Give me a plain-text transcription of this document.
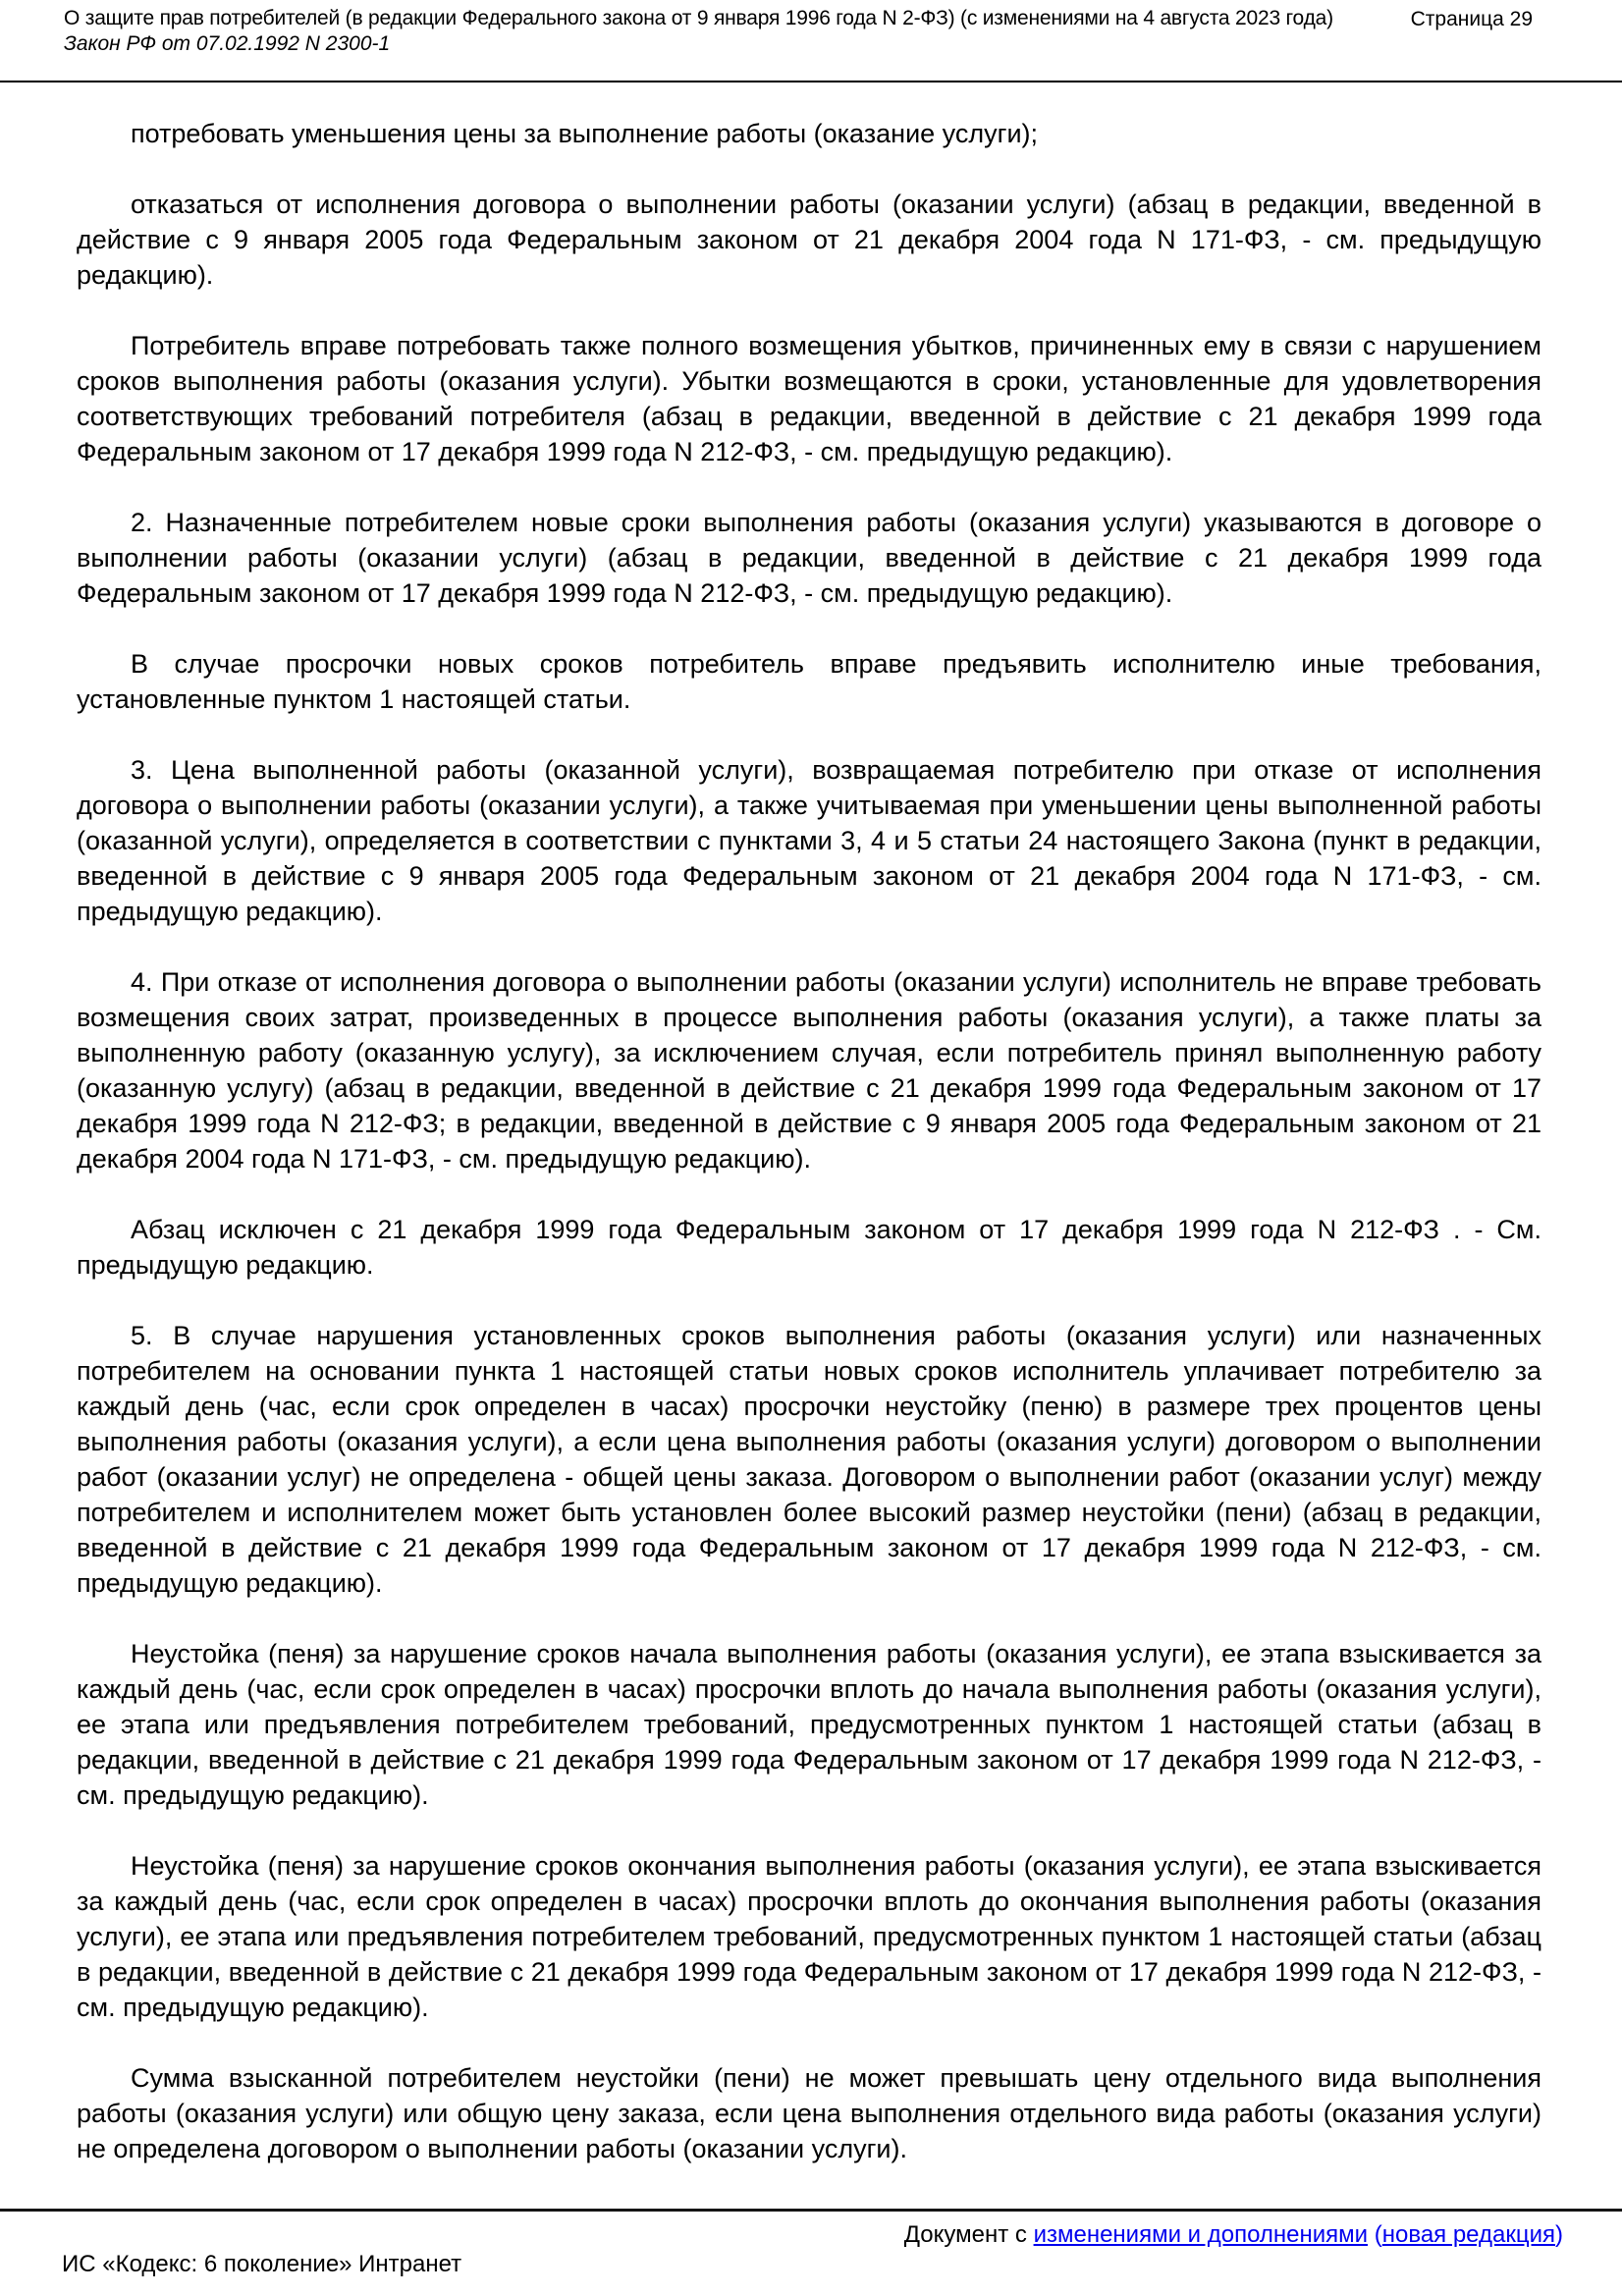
О защите прав потребителей (в редакции Федерального закона от 9 января 1996 года N 2-ФЗ) (с изменениями на 4 августа 2023 года)
Закон РФ от 07.02.1992 N 2300-1
Страница 29

потребовать уменьшения цены за выполнение работы (оказание услуги);

отказаться от исполнения договора о выполнении работы (оказании услуги) (абзац в редакции, введенной в действие с 9 января 2005 года Федеральным законом от 21 декабря 2004 года N 171-ФЗ, - см. предыдущую редакцию).

Потребитель вправе потребовать также полного возмещения убытков, причиненных ему в связи с нарушением сроков выполнения работы (оказания услуги). Убытки возмещаются в сроки, установленные для удовлетворения соответствующих требований потребителя (абзац в редакции, введенной в действие с 21 декабря 1999 года Федеральным законом от 17 декабря 1999 года N 212-ФЗ, - см. предыдущую редакцию).

2. Назначенные потребителем новые сроки выполнения работы (оказания услуги) указываются в договоре о выполнении работы (оказании услуги) (абзац в редакции, введенной в действие с 21 декабря 1999 года Федеральным законом от 17 декабря 1999 года N 212-ФЗ, - см. предыдущую редакцию).

В случае просрочки новых сроков потребитель вправе предъявить исполнителю иные требования, установленные пунктом 1 настоящей статьи.

3. Цена выполненной работы (оказанной услуги), возвращаемая потребителю при отказе от исполнения договора о выполнении работы (оказании услуги), а также учитываемая при уменьшении цены выполненной работы (оказанной услуги), определяется в соответствии с пунктами 3, 4 и 5 статьи 24 настоящего Закона (пункт в редакции, введенной в действие с 9 января 2005 года Федеральным законом от 21 декабря 2004 года N 171-ФЗ, - см. предыдущую редакцию).

4. При отказе от исполнения договора о выполнении работы (оказании услуги) исполнитель не вправе требовать возмещения своих затрат, произведенных в процессе выполнения работы (оказания услуги), а также платы за выполненную работу (оказанную услугу), за исключением случая, если потребитель принял выполненную работу (оказанную услугу) (абзац в редакции, введенной в действие с 21 декабря 1999 года Федеральным законом от 17 декабря 1999 года N 212-ФЗ; в редакции, введенной в действие с 9 января 2005 года Федеральным законом от 21 декабря 2004 года N 171-ФЗ, - см. предыдущую редакцию).

Абзац исключен с 21 декабря 1999 года Федеральным законом от 17 декабря 1999 года N 212-ФЗ . - См. предыдущую редакцию.

5. В случае нарушения установленных сроков выполнения работы (оказания услуги) или назначенных потребителем на основании пункта 1 настоящей статьи новых сроков исполнитель уплачивает потребителю за каждый день (час, если срок определен в часах) просрочки неустойку (пеню) в размере трех процентов цены выполнения работы (оказания услуги), а если цена выполнения работы (оказания услуги) договором о выполнении работ (оказании услуг) не определена - общей цены заказа. Договором о выполнении работ (оказании услуг) между потребителем и исполнителем может быть установлен более высокий размер неустойки (пени) (абзац в редакции, введенной в действие с 21 декабря 1999 года Федеральным законом от 17 декабря 1999 года N 212-ФЗ, - см. предыдущую редакцию).

Неустойка (пеня) за нарушение сроков начала выполнения работы (оказания услуги), ее этапа взыскивается за каждый день (час, если срок определен в часах) просрочки вплоть до начала выполнения работы (оказания услуги), ее этапа или предъявления потребителем требований, предусмотренных пунктом 1 настоящей статьи (абзац в редакции, введенной в действие с 21 декабря 1999 года Федеральным законом от 17 декабря 1999 года N 212-ФЗ, - см. предыдущую редакцию).

Неустойка (пеня) за нарушение сроков окончания выполнения работы (оказания услуги), ее этапа взыскивается за каждый день (час, если срок определен в часах) просрочки вплоть до окончания выполнения работы (оказания услуги), ее этапа или предъявления потребителем требований, предусмотренных пунктом 1 настоящей статьи (абзац в редакции, введенной в действие с 21 декабря 1999 года Федеральным законом от 17 декабря 1999 года N 212-ФЗ, - см. предыдущую редакцию).

Сумма взысканной потребителем неустойки (пени) не может превышать цену отдельного вида выполнения работы (оказания услуги) или общую цену заказа, если цена выполнения отдельного вида работы (оказания услуги) не определена договором о выполнении работы (оказании услуги).

Документ с изменениями и дополнениями (новая редакция)
ИС «Кодекс: 6 поколение» Интранет
